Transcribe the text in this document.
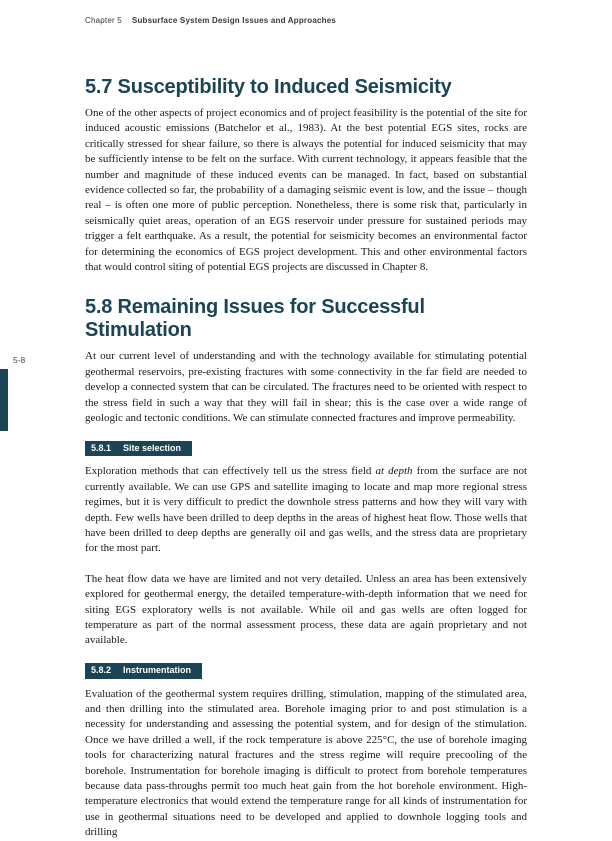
Chapter 5 Subsurface System Design Issues and Approaches
5-8
5.7 Susceptibility to Induced Seismicity

One of the other aspects of project economics and of project feasibility is the potential of the site for induced acoustic emissions (Batchelor et al., 1983). At the best potential EGS sites, rocks are critically stressed for shear failure, so there is always the potential for induced seismicity that may be sufficiently intense to be felt on the surface. With current technology, it appears feasible that the number and magnitude of these induced events can be managed. In fact, based on substantial evidence collected so far, the probability of a damaging seismic event is low, and the issue – though real – is often one more of public perception. Nonetheless, there is some risk that, particularly in seismically quiet areas, operation of an EGS reservoir under pressure for sustained periods may trigger a felt earthquake. As a result, the potential for seismicity becomes an environmental factor for determining the economics of EGS project development. This and other environmental factors that would control siting of potential EGS projects are discussed in Chapter 8.

5.8 Remaining Issues for Successful Stimulation

At our current level of understanding and with the technology available for stimulating potential geothermal reservoirs, pre-existing fractures with some connectivity in the far field are needed to develop a connected system that can be circulated. The fractures need to be oriented with respect to the stress field in such a way that they will fail in shear; this is the case over a wide range of geologic and tectonic conditions. We can stimulate connected fractures and improve permeability.

5.8.1 Site selection

Exploration methods that can effectively tell us the stress field at depth from the surface are not currently available. We can use GPS and satellite imaging to locate and map more regional stress regimes, but it is very difficult to predict the downhole stress patterns and how they will vary with depth. Few wells have been drilled to deep depths in the areas of highest heat flow. Those wells that have been drilled to deep depths are generally oil and gas wells, and the stress data are proprietary for the most part.

The heat flow data we have are limited and not very detailed. Unless an area has been extensively explored for geothermal energy, the detailed temperature-with-depth information that we need for siting EGS exploratory wells is not available. While oil and gas wells are often logged for temperature as part of the normal assessment process, these data are again proprietary and not available.

5.8.2 Instrumentation

Evaluation of the geothermal system requires drilling, stimulation, mapping of the stimulated area, and then drilling into the stimulated area. Borehole imaging prior to and post stimulation is a necessity for understanding and assessing the potential system, and for design of the stimulation. Once we have drilled a well, if the rock temperature is above 225°C, the use of borehole imaging tools for characterizing natural fractures and the stress regime will require precooling of the borehole. Instrumentation for borehole imaging is difficult to protect from borehole temperatures because data pass-throughs permit too much heat gain from the hot borehole environment. High-temperature electronics that would extend the temperature range for all kinds of instrumentation for use in geothermal situations need to be developed and applied to downhole logging tools and drilling
